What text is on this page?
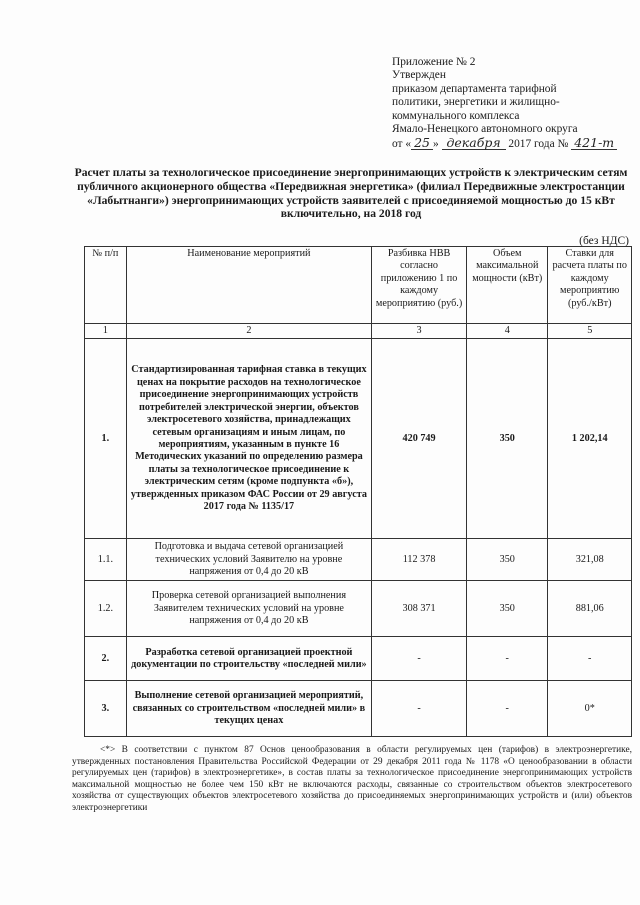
Приложение № 2
Утвержден
приказом департамента тарифной
политики, энергетики и жилищно-
коммунального комплекса
Ямало-Ненецкого автономного округа
от « 25 » декабря 2017 года № 421-т
Расчет платы за технологическое присоединение энергопринимающих устройств к электрическим сетям публичного акционерного общества «Передвижная энергетика» (филиал Передвижные электростанции «Лабытнанги») энергопринимающих устройств заявителей с присоединяемой мощностью до 15 кВт включительно, на 2018 год
(без НДС)
№ п/п	Наименование мероприятий	Разбивка НВВ согласно приложению 1 по каждому мероприятию (руб.)	Объем максимальной мощности (кВт)	Ставки для расчета платы по каждому мероприятию (руб./кВт)
1	2	3	4	5
1.	Стандартизированная тарифная ставка в текущих ценах на покрытие расходов на технологическое присоединение энергопринимающих устройств потребителей электрической энергии, объектов электросетевого хозяйства, принадлежащих сетевым организациям и иным лицам, по мероприятиям, указанным в пункте 16 Методических указаний по определению размера платы за технологическое присоединение к электрическим сетям (кроме подпункта «б»), утвержденных приказом ФАС России от 29 августа 2017 года № 1135/17	420 749	350	1 202,14
1.1.	Подготовка и выдача сетевой организацией технических условий Заявителю на уровне напряжения от 0,4 до 20 кВ	112 378	350	321,08
1.2.	Проверка сетевой организацией выполнения Заявителем технических условий на уровне напряжения от 0,4 до 20 кВ	308 371	350	881,06
2.	Разработка сетевой организацией проектной документации по строительству «последней мили»	-	-	-
3.	Выполнение сетевой организацией мероприятий, связанных со строительством «последней мили» в текущих ценах	-	-	0*
<*> В соответствии с пунктом 87 Основ ценообразования в области регулируемых цен (тарифов) в электроэнергетике, утвержденных постановления Правительства Российской Федерации от 29 декабря 2011 года № 1178 «О ценообразовании в области регулируемых цен (тарифов) в электроэнергетике», в состав платы за технологическое присоединение энергопринимающих устройств максимальной мощностью не более чем 150 кВт не включаются расходы, связанные со строительством объектов электросетевого хозяйства от существующих объектов электросетевого хозяйства до присоединяемых энергопринимающих устройств и (или) объектов электроэнергетики
